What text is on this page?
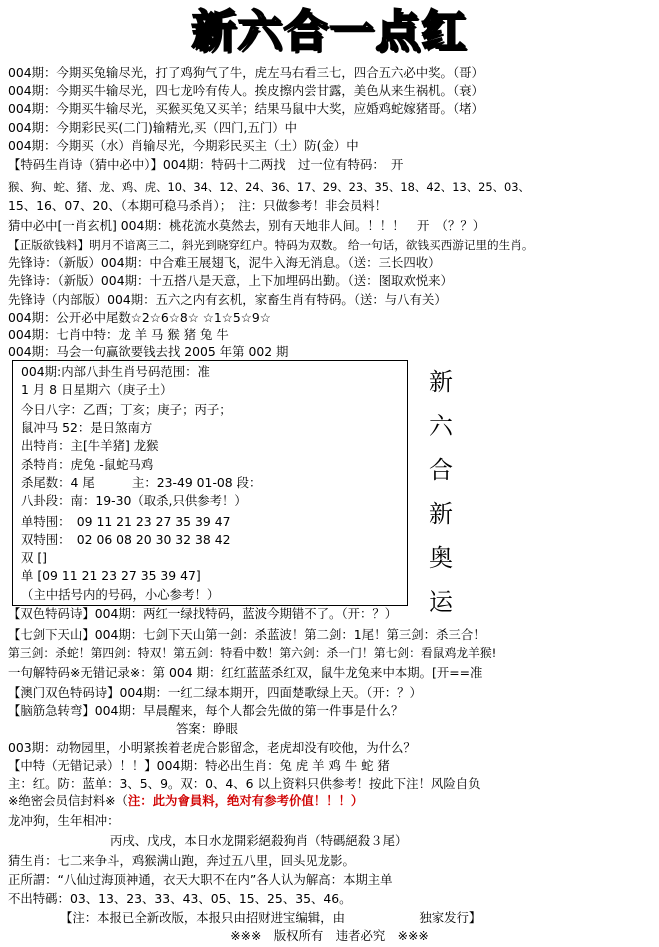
新六合一点红
004期：今期买兔输尽光，打了鸡狗气了牛，虎左马右看三七，四合五六必中奖。（哥）
004期：今期买牛输尽光，四七龙吟有传人。挨皮擦内尝甘露，美色从来生祸机。（衰）
004期：今期买牛输尽光，买猴买兔又买羊；结果马鼠中大奖，应婚鸡蛇嫁猪哥。（堵）
004期：今期彩民买(二门)输精光,买（四门,五门）中
004期：今期买（水）肖输尽光，今期彩民买主（土）防(金）中
【特码生肖诗（猜中必中）】004期：特码十二两找　过一位有特码：　开
猴、狗、蛇、猪、龙、鸡、虎、10、34、12、24、36、17、29、23、35、18、42、13、25、03、
15、16、07、20、（本期可稳马杀肖）；　注：只做参考！非会员料！
猜中必中[一肖玄机] 004期：桃花流水莫然去，别有天地非人间。！！！　开　（？？）
【正版欲钱料】明月不谙离三二，斜光到晓穿红户。特码为双数。 给一句话，欲钱买西游记里的生肖。
先锋诗：（新版）004期：中合难王展翅飞，泥牛入海无消息。（送：三长四收）
先锋诗：（新版）004期：十五搭八是天意，上下加埋码出勤。（送：图取欢悦来）
先锋诗（内部版）004期：五六之内有玄机，家畜生肖有特码。（送：与八有关）
004期：公开必中尾数☆2☆6☆8☆ ☆1☆5☆9☆
004期：七肖中特：龙 羊 马 猴 猪 兔 牛
004期：马会一句赢欲要钱去找 2005 年第 002 期
004期:内部八卦生肖号码范围：准
1 月 8 日星期六（庚子土）
今日八字：乙酉；丁亥；庚子；丙子；
鼠冲马 52：是日煞南方
出特肖：主[牛羊猪] 龙猴
杀特肖：虎兔 -鼠蛇马鸡
杀尾数：4 尾　　　主：23-49 01-08 段：
八卦段：南：19-30（取杀,只供参考！）
单特围：　09 11 21 23 27 35 39 47
双特围：　02 06 08 20 30 32 38 42
双 []
单 [09 11 21 23 27 35 39 47]
（主中括号内的号码，小心参考！）
新
六
合
新
奥
运
【双色特码诗】004期：两红一绿找特码，蓝波今期错不了。（开：？）
【七剑下天山】004期：七剑下天山第一剑：杀蓝波！第二剑：1尾！第三剑：杀三合！
第三剑：杀蛇！第四剑：特双！第五剑：特看中数！第六剑：杀一门！第七剑：看鼠鸡龙羊猴!
一句解特码※无错记录※：第 004 期：红红蓝蓝杀红双，鼠牛龙兔来中本期。[开==准
【澳门双色特码诗】004期：一红二绿本期开，四面楚歌绿上天。（开：？）
【脑筋急转弯】004期：早晨醒来，每个人都会先做的第一件事是什么？
答案：睁眼
003期：动物园里，小明紧挨着老虎合影留念，老虎却没有咬他，为什么？
【中特（无错记录）！！】004期：特必出生肖：兔 虎 羊 鸡 牛 蛇 猪
主：红。防：蓝单：3、5、9。双：0、4、6 以上资料只供参考！按此下注！风险自负
※绝密会员信封料※（注：此为會員料，绝对有参考价值！！！）
龙冲狗，生年相冲：
丙戌、戊戌，本日水龙開彩絕殺狗肖（特碼絕殺３尾）
猜生肖：七二来争斗，鸡猴满山跑，奔过五八里，回头见龙影。
正所謂：“八仙过海顶神通，衣天大职不在内”各人认为解高：本期主单
不出特碼：03、13、23、33、43、05、15、25、35、46。
【注：本报已全新改版，本报只由招财进宝编辑，由　　　　　　独家发行】
※※※　版权所有　违者必究　※※※
